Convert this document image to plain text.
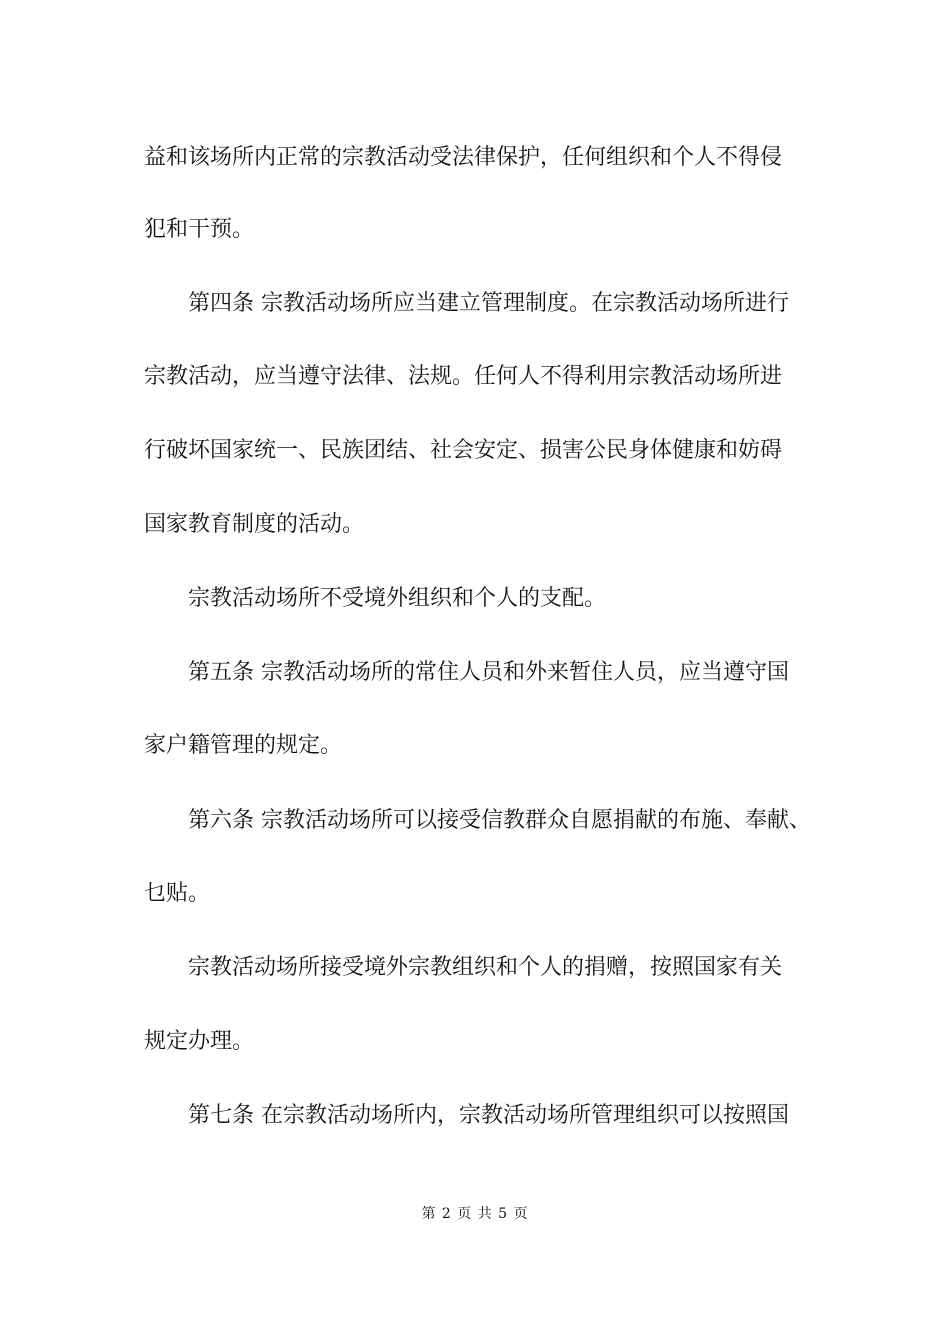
益和该场所内正常的宗教活动受法律保护，任何组织和个人不得侵
犯和干预。
第四条 宗教活动场所应当建立管理制度。在宗教活动场所进行
宗教活动，应当遵守法律、法规。任何人不得利用宗教活动场所进
行破坏国家统一、民族团结、社会安定、损害公民身体健康和妨碍
国家教育制度的活动。
宗教活动场所不受境外组织和个人的支配。
第五条 宗教活动场所的常住人员和外来暂住人员，应当遵守国
家户籍管理的规定。
第六条 宗教活动场所可以接受信教群众自愿捐献的布施、奉献、
乜贴。
宗教活动场所接受境外宗教组织和个人的捐赠，按照国家有关
规定办理。
第七条 在宗教活动场所内，宗教活动场所管理组织可以按照国
第 2 页 共 5 页
